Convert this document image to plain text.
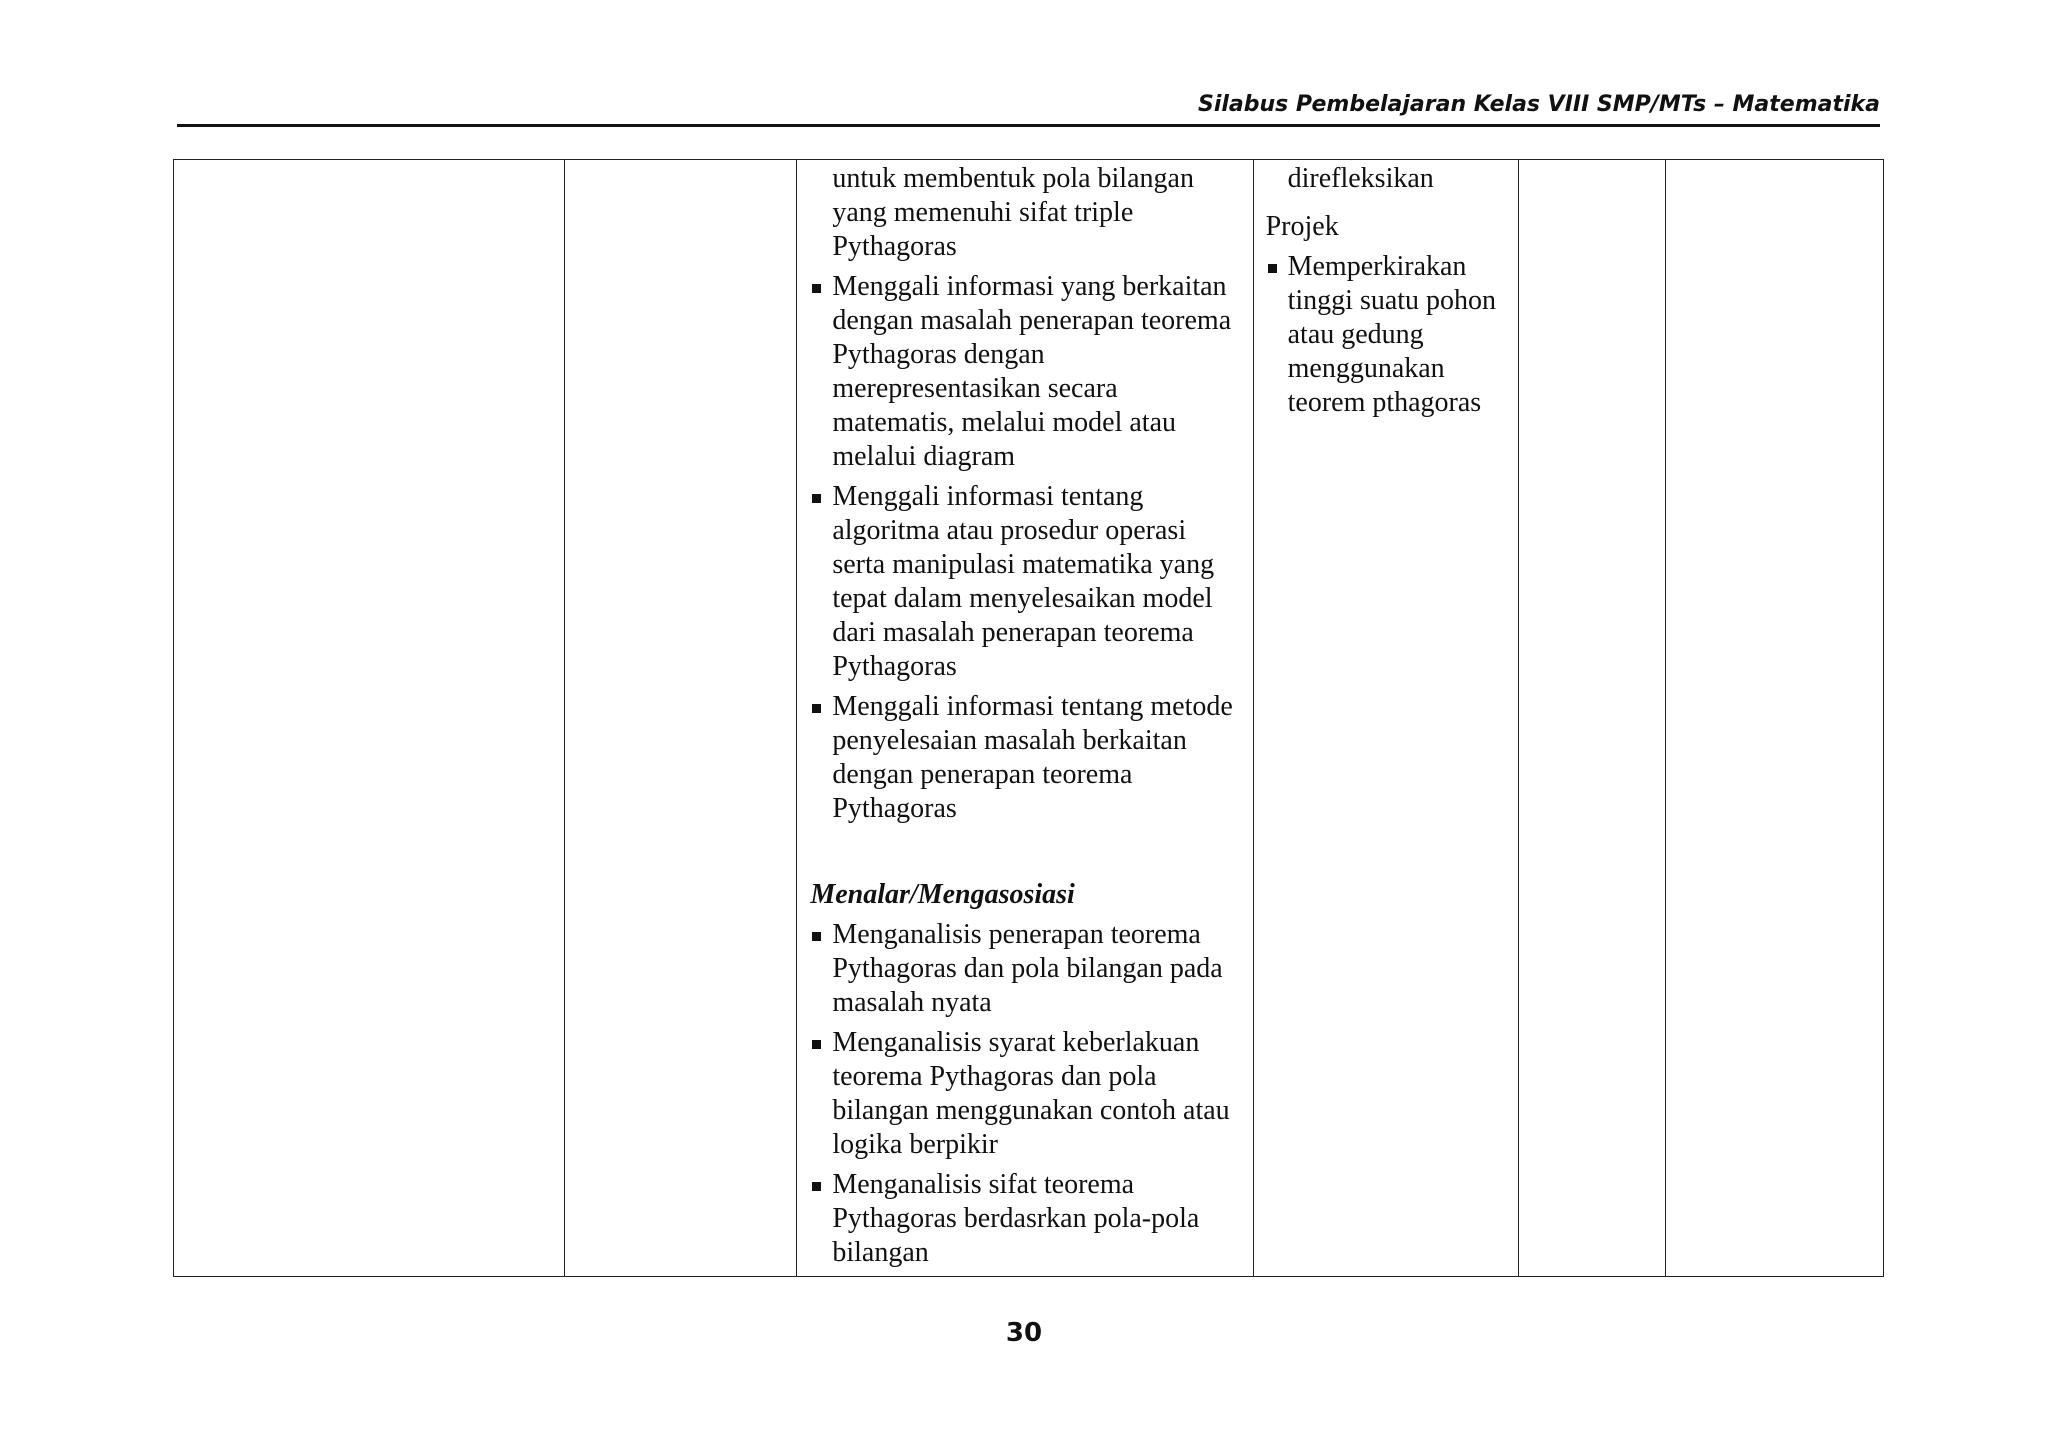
Silabus Pembelajaran Kelas VIII SMP/MTs – Matematika

untuk membentuk pola bilangan yang memenuhi sifat triple Pythagoras

Menggali informasi yang berkaitan dengan masalah penerapan teorema Pythagoras dengan merepresentasikan secara matematis, melalui model atau melalui diagram
Menggali informasi tentang algoritma atau prosedur operasi serta manipulasi matematika yang tepat dalam menyelesaikan model dari masalah penerapan teorema Pythagoras
Menggali informasi tentang metode penyelesaian masalah berkaitan dengan penerapan teorema Pythagoras

Menalar/Mengasosiasi

Menganalisis penerapan teorema Pythagoras dan pola bilangan pada masalah nyata
Menganalisis syarat keberlakuan teorema Pythagoras dan pola bilangan menggunakan contoh atau logika berpikir
Menganalisis sifat teorema Pythagoras berdasrkan pola-pola bilangan

direfleksikan

Projek

Memperkirakan tinggi suatu pohon atau gedung menggunakan teorem pthagoras

30
